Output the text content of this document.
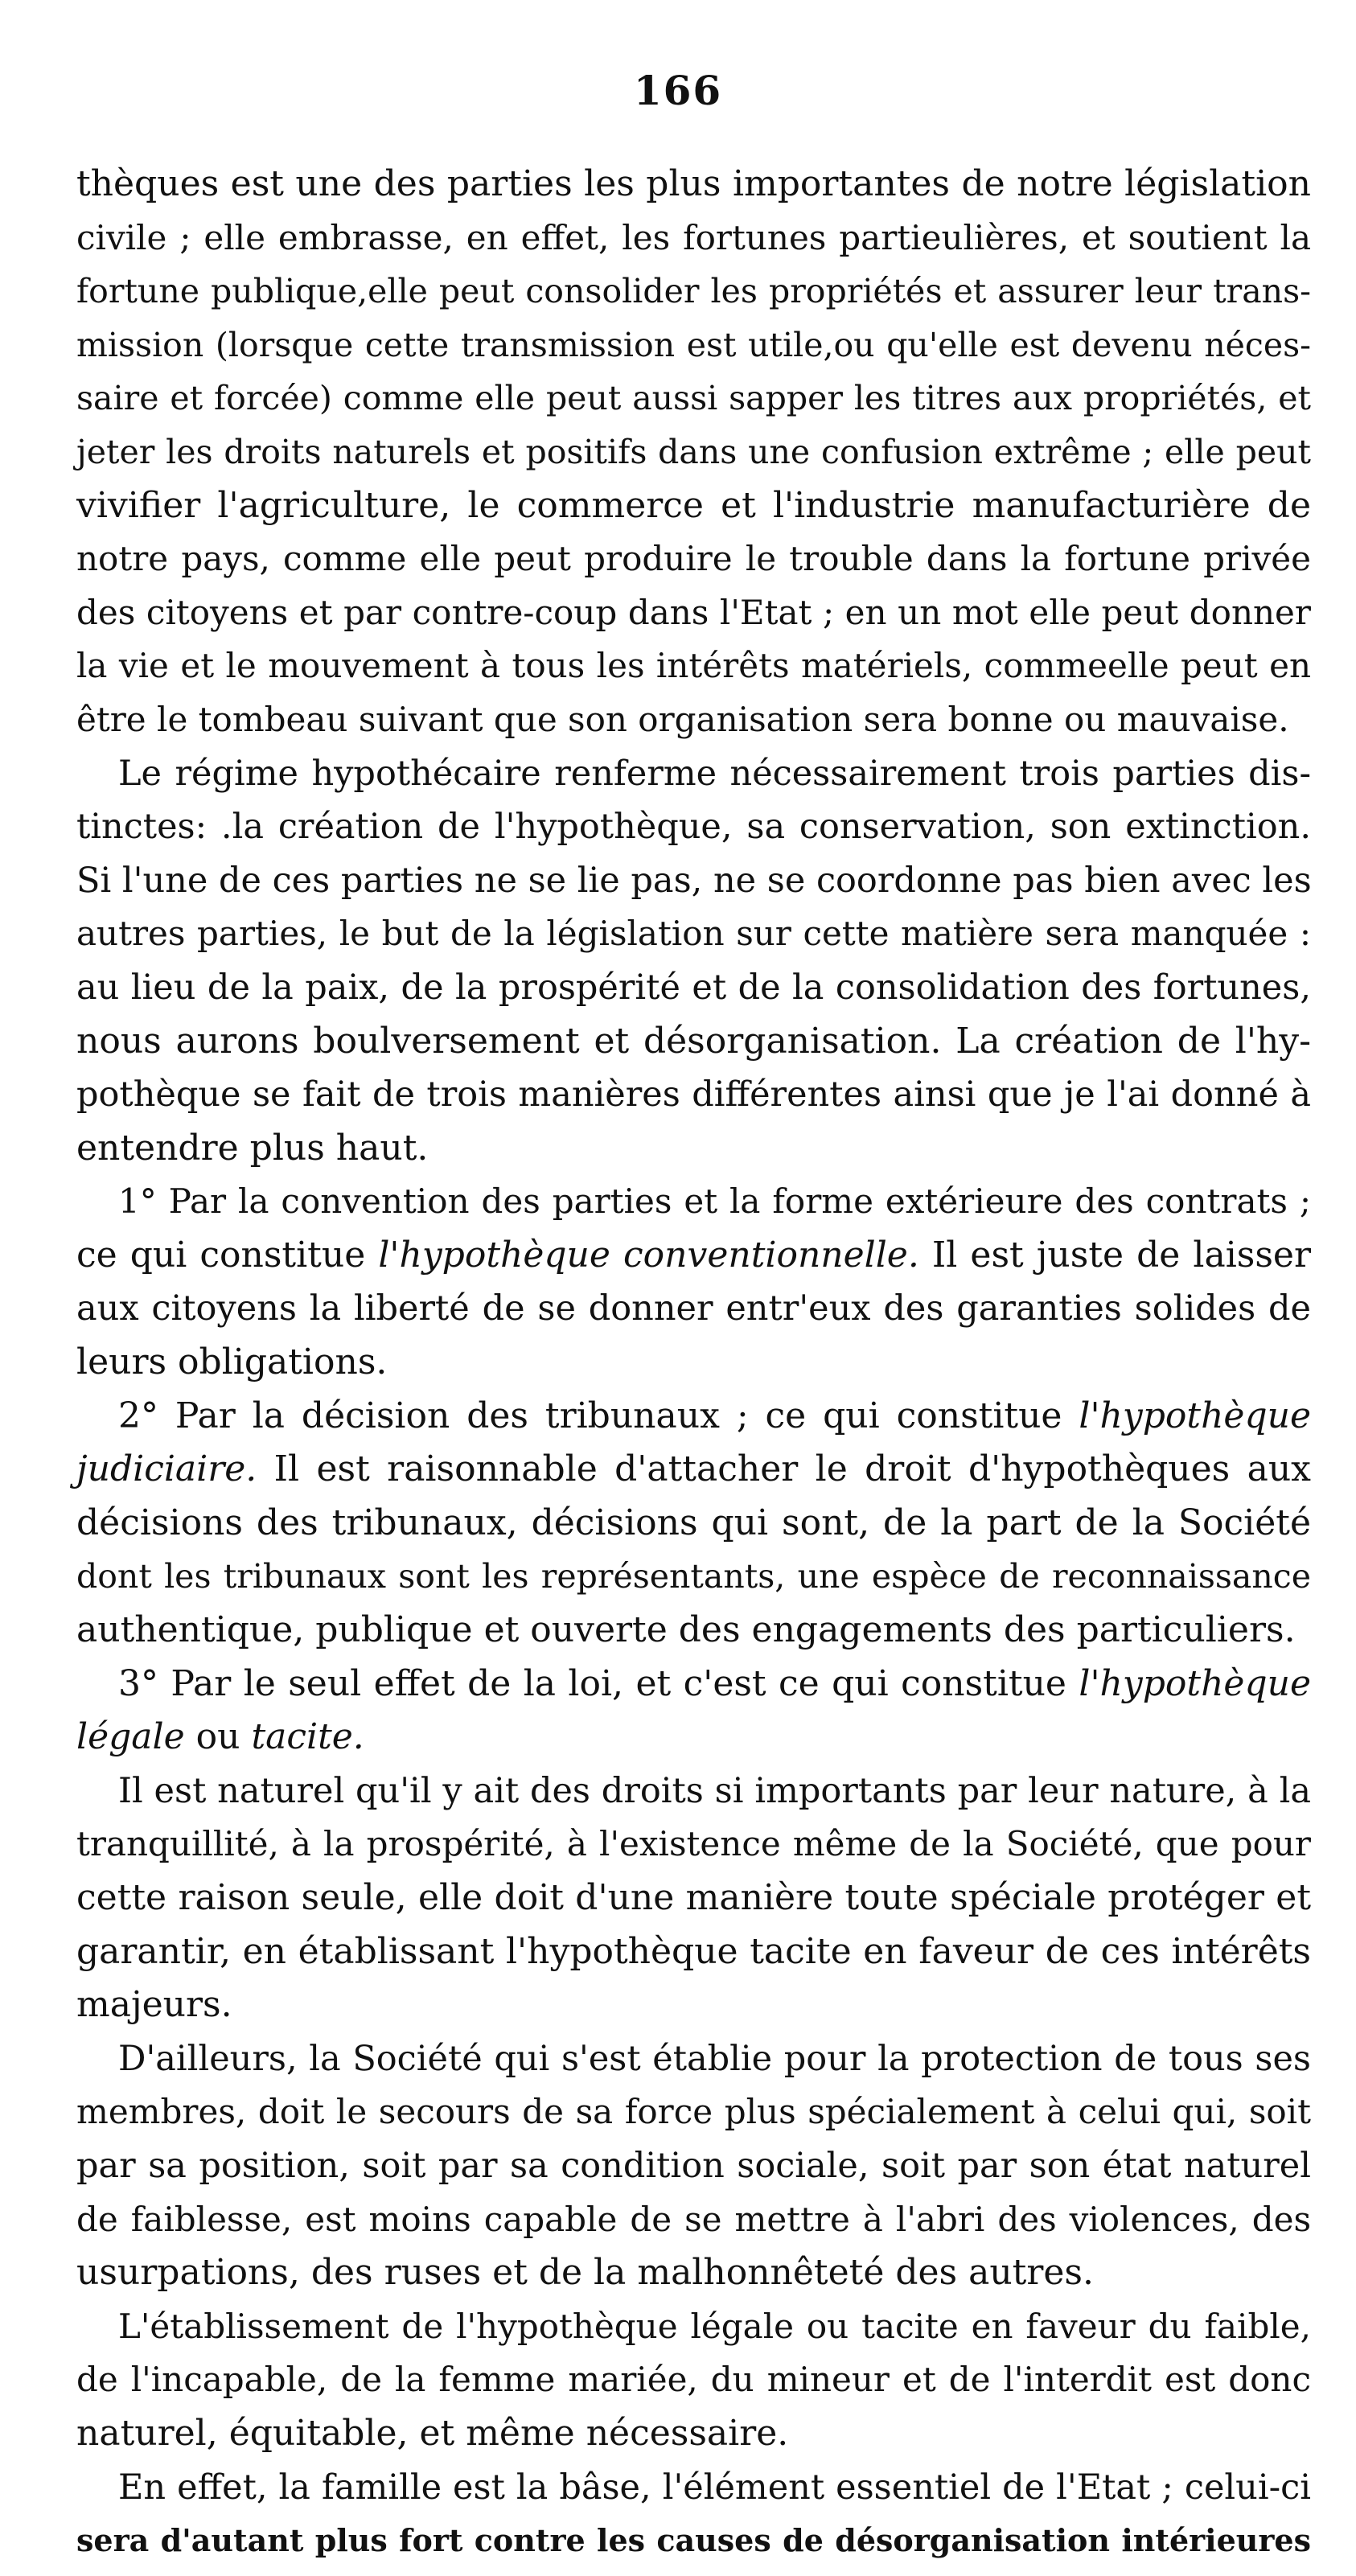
166
thèques est une des parties les plus importantes de notre législation
civile ; elle embrasse, en effet, les fortunes partieulières, et soutient la
fortune publique,elle peut consolider les propriétés et assurer leur trans-
mission (lorsque cette transmission est utile,ou qu'elle est devenu néces-
saire et forcée) comme elle peut aussi sapper les titres aux propriétés, et
jeter les droits naturels et positifs dans une confusion extrême ; elle peut
vivifier l'agriculture, le commerce et l'industrie manufacturière de
notre pays, comme elle peut produire le trouble dans la fortune privée
des citoyens et par contre-coup dans l'Etat ; en un mot elle peut donner
la vie et le mouvement à tous les intérêts matériels, commeelle peut en
être le tombeau suivant que son organisation sera bonne ou mauvaise.
Le régime hypothécaire renferme nécessairement trois parties dis-
tinctes: .la création de l'hypothèque, sa conservation, son extinction.
Si l'une de ces parties ne se lie pas, ne se coordonne pas bien avec les
autres parties, le but de la législation sur cette matière sera manquée :
au lieu de la paix, de la prospérité et de la consolidation des fortunes,
nous aurons boulversement et désorganisation. La création de l'hy-
pothèque se fait de trois manières différentes ainsi que je l'ai donné à
entendre plus haut.
1° Par la convention des parties et la forme extérieure des contrats ;
ce qui constitue l'hypothèque conventionnelle. Il est juste de laisser
aux citoyens la liberté de se donner entr'eux des garanties solides de
leurs obligations.
2° Par la décision des tribunaux ; ce qui constitue l'hypothèque
judiciaire. Il est raisonnable d'attacher le droit d'hypothèques aux
décisions des tribunaux, décisions qui sont, de la part de la Société
dont les tribunaux sont les représentants, une espèce de reconnaissance
authentique, publique et ouverte des engagements des particuliers.
3° Par le seul effet de la loi, et c'est ce qui constitue l'hypothèque
légale ou tacite.
Il est naturel qu'il y ait des droits si importants par leur nature, à la
tranquillité, à la prospérité, à l'existence même de la Société, que pour
cette raison seule, elle doit d'une manière toute spéciale protéger et
garantir, en établissant l'hypothèque tacite en faveur de ces intérêts
majeurs.
D'ailleurs, la Société qui s'est établie pour la protection de tous ses
membres, doit le secours de sa force plus spécialement à celui qui, soit
par sa position, soit par sa condition sociale, soit par son état naturel
de faiblesse, est moins capable de se mettre à l'abri des violences, des
usurpations, des ruses et de la malhonnêteté des autres.
L'établissement de l'hypothèque légale ou tacite en faveur du faible,
de l'incapable, de la femme mariée, du mineur et de l'interdit est donc
naturel, équitable, et même nécessaire.
En effet, la famille est la bâse, l'élément essentiel de l'Etat ; celui-ci
sera d'autant plus fort contre les causes de désorganisation intérieures
